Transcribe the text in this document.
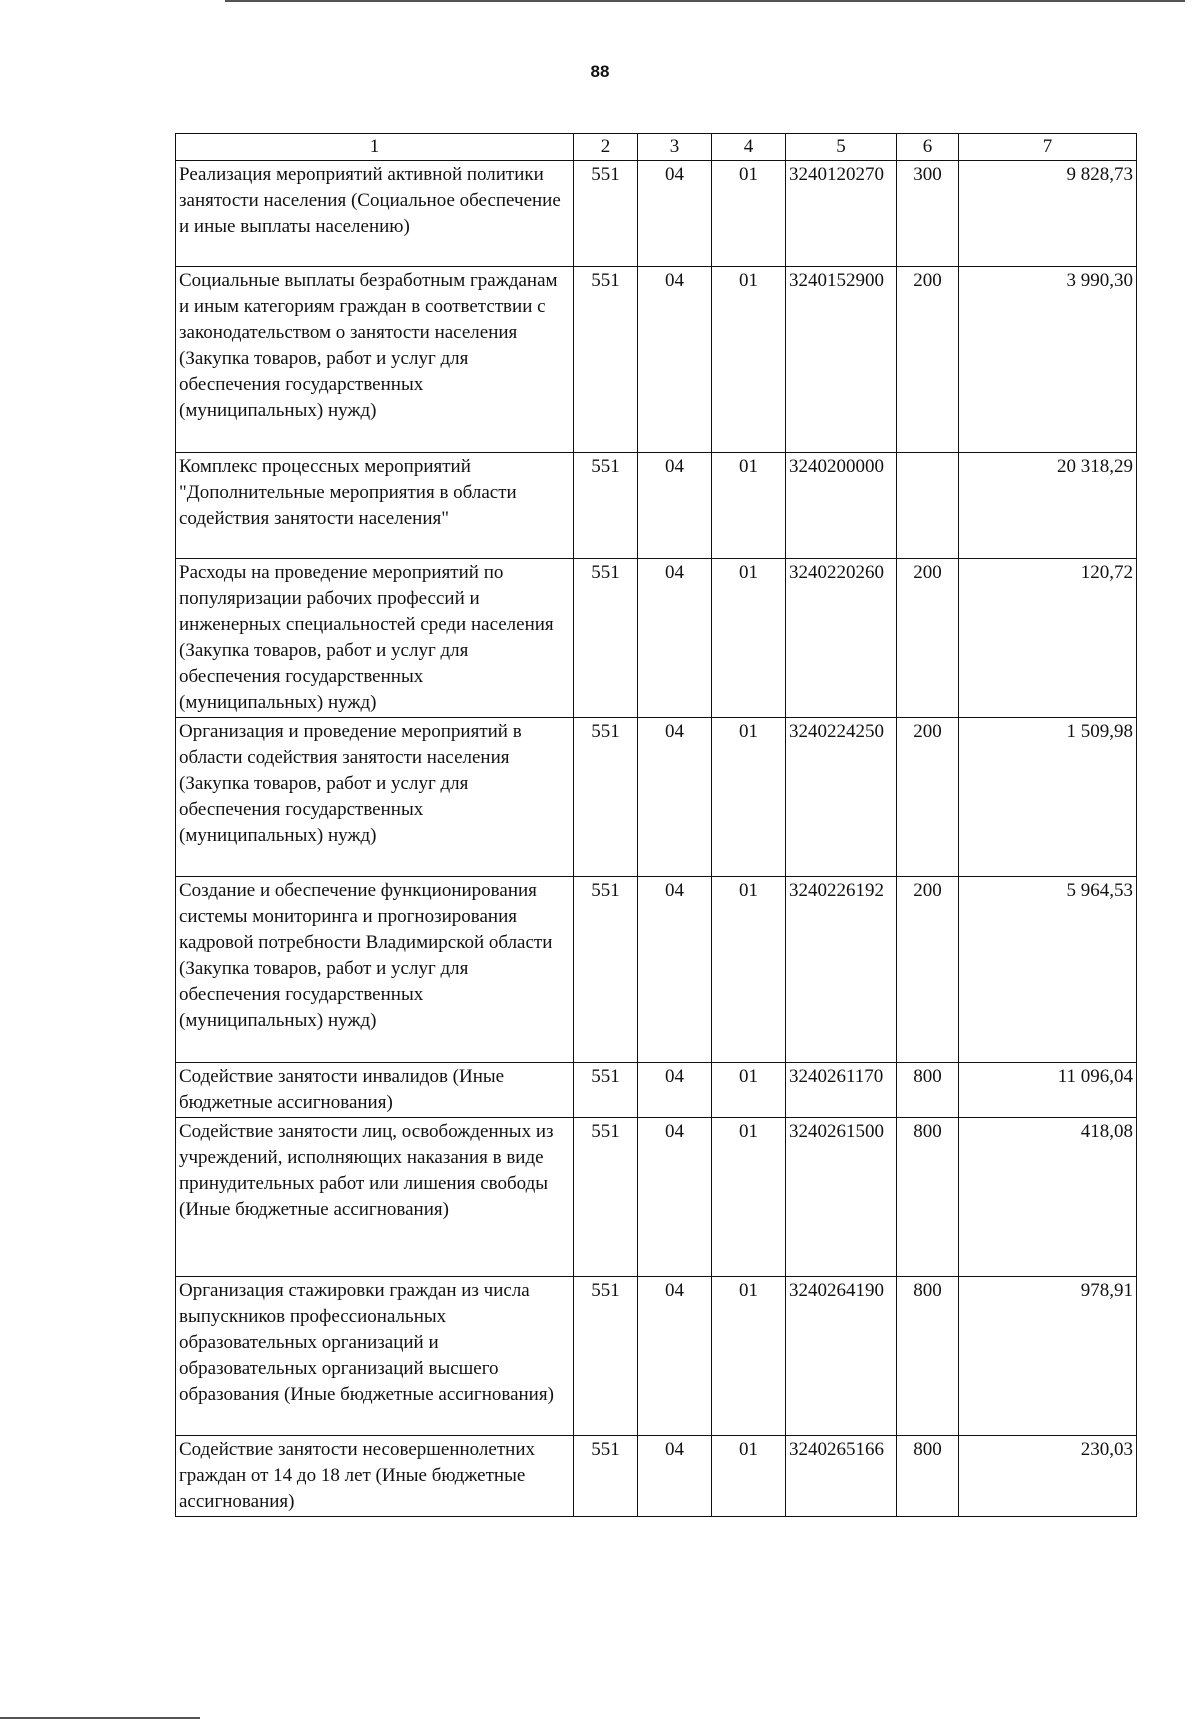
88
1	2	3	4	5	6	7
Реализация мероприятий активной политики занятости населения (Социальное обеспечение и иные выплаты населению)	551	04	01	3240120270	300	9 828,73
Социальные выплаты безработным гражданам и иным категориям граждан в соответствии с законодательством о занятости населения (Закупка товаров, работ и услуг для обеспечения государственных (муниципальных) нужд)	551	04	01	3240152900	200	3 990,30
Комплекс процессных мероприятий "Дополнительные мероприятия в области содействия занятости населения"	551	04	01	3240200000		20 318,29
Расходы на проведение мероприятий по популяризации рабочих профессий и инженерных специальностей среди населения (Закупка товаров, работ и услуг для обеспечения государственных (муниципальных) нужд)	551	04	01	3240220260	200	120,72
Организация и проведение мероприятий в области содействия занятости населения (Закупка товаров, работ и услуг для обеспечения государственных (муниципальных) нужд)	551	04	01	3240224250	200	1 509,98
Создание и обеспечение функционирования системы мониторинга и прогнозирования кадровой потребности Владимирской области (Закупка товаров, работ и услуг для обеспечения государственных (муниципальных) нужд)	551	04	01	3240226192	200	5 964,53
Содействие занятости инвалидов (Иные бюджетные ассигнования)	551	04	01	3240261170	800	11 096,04
Содействие занятости лиц, освобожденных из учреждений, исполняющих наказания в виде принудительных работ или лишения свободы (Иные бюджетные ассигнования)	551	04	01	3240261500	800	418,08
Организация стажировки граждан из числа выпускников профессиональных образовательных организаций и образовательных организаций высшего образования (Иные бюджетные ассигнования)	551	04	01	3240264190	800	978,91
Содействие занятости несовершеннолетних граждан от 14 до 18 лет (Иные бюджетные ассигнования)	551	04	01	3240265166	800	230,03
